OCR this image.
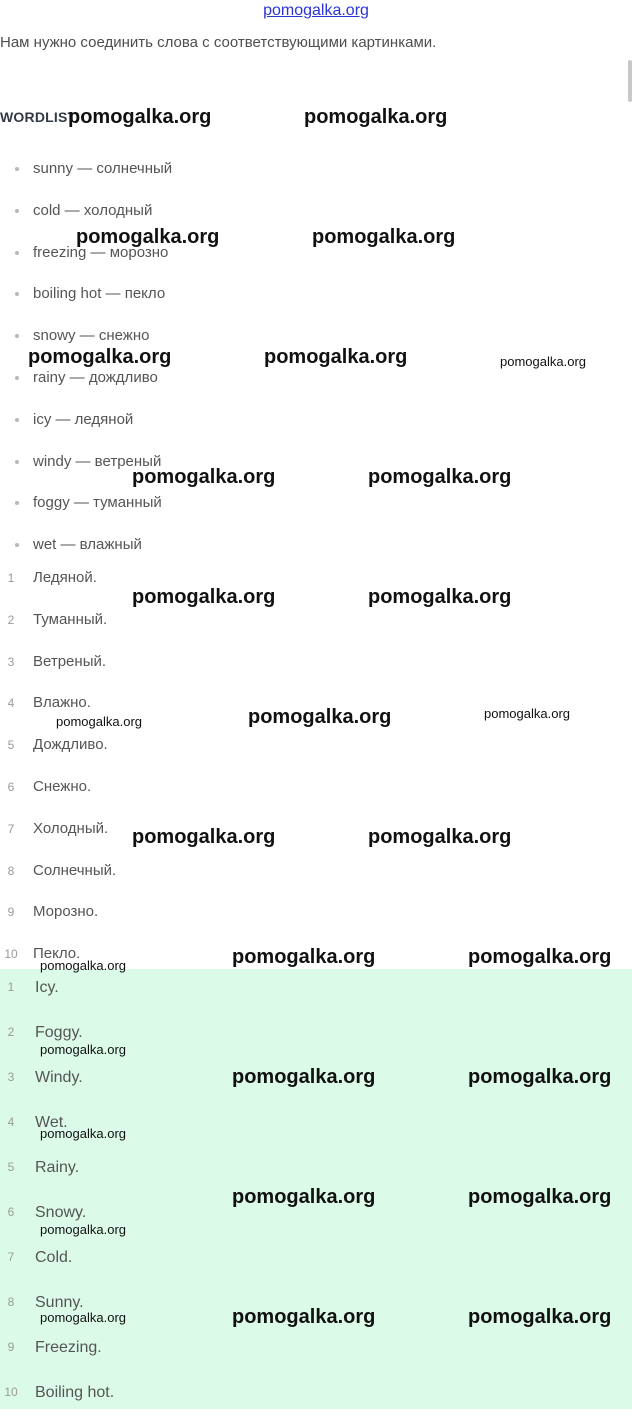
pomogalka.org
Нам нужно соединить слова с соответствующими картинками.
WORDLIST
sunny — солнечный
cold — холодный
freezing — морозно
boiling hot — пекло
snowy — снежно
rainy — дождливо
icy — ледяной
windy — ветреный
foggy — туманный
wet — влажный
1	Ледяной.
2	Туманный.
3	Ветреный.
4	Влажно.
5	Дождливо.
6	Снежно.
7	Холодный.
8	Солнечный.
9	Морозно.
10 Пекло.
1	Icy.
2	Foggy.
3	Windy.
4	Wet.
5	Rainy.
6	Snowy.
7	Cold.
8	Sunny.
9	Freezing.
10 Boiling hot.
pomogalka.org	pomogalka.org
pomogalka.org	pomogalka.org
pomogalka.org	pomogalka.org	pomogalka.org
pomogalka.org	pomogalka.org
pomogalka.org	pomogalka.org
pomogalka.org	pomogalka.org	pomogalka.org
pomogalka.org	pomogalka.org
pomogalka.org	pomogalka.org	pomogalka.org
pomogalka.org
pomogalka.org	pomogalka.org
pomogalka.org
pomogalka.org	pomogalka.org
pomogalka.org
pomogalka.org	pomogalka.org	pomogalka.org
